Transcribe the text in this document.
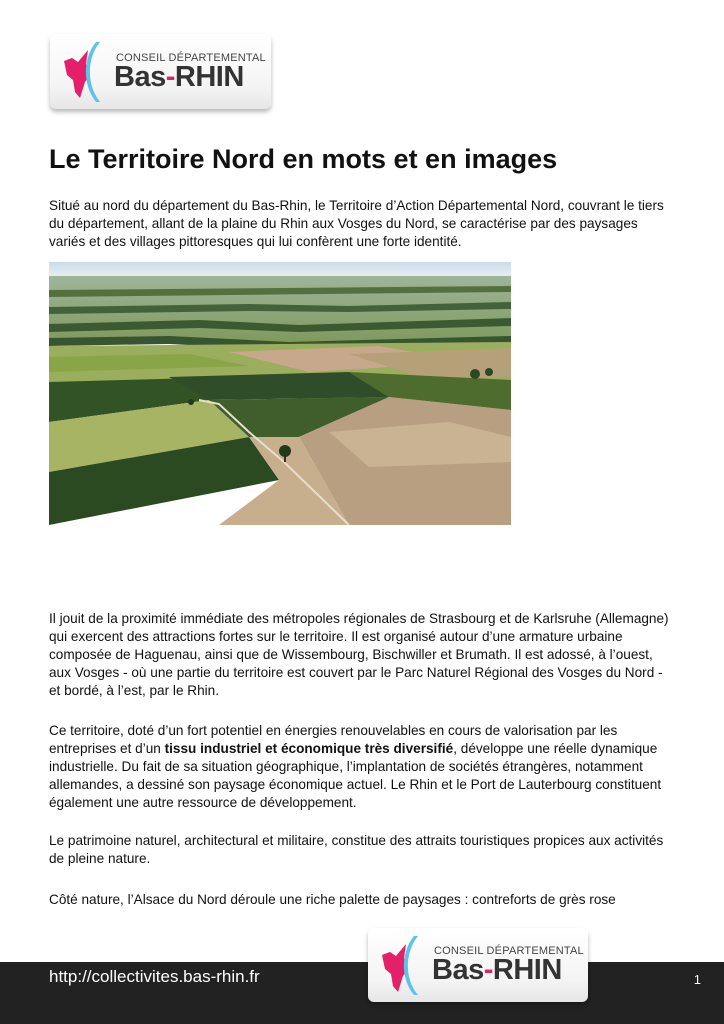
CONSEIL DÉPARTEMENTAL
Bas-RHIN
Le Territoire Nord en mots et en images

Situé au nord du département du Bas-Rhin, le Territoire d’Action Départemental Nord, couvrant le tiers du département, allant de la plaine du Rhin aux Vosges du Nord, se caractérise par des paysages variés et des villages pittoresques qui lui confèrent une forte identité.

Il jouit de la proximité immédiate des métropoles régionales de Strasbourg et de Karlsruhe (Allemagne) qui exercent des attractions fortes sur le territoire. Il est organisé autour d’une armature urbaine composée de Haguenau, ainsi que de Wissembourg, Bischwiller et Brumath. Il est adossé, à l’ouest, aux Vosges - où une partie du territoire est couvert par le Parc Naturel Régional des Vosges du Nord - et bordé, à l’est, par le Rhin.

Ce territoire, doté d’un fort potentiel en énergies renouvelables en cours de valorisation par les entreprises et d’un tissu industriel et économique très diversifié, développe une réelle dynamique industrielle. Du fait de sa situation géographique, l’implantation de sociétés étrangères, notamment allemandes, a dessiné son paysage économique actuel. Le Rhin et le Port de Lauterbourg constituent également une autre ressource de développement.

Le patrimoine naturel, architectural et militaire, constitue des attraits touristiques propices aux activités de pleine nature.

Côté nature, l’Alsace du Nord déroule une riche palette de paysages : contreforts de grès rose

http://collectivites.bas-rhin.fr	1
CONSEIL DÉPARTEMENTAL
Bas-RHIN
